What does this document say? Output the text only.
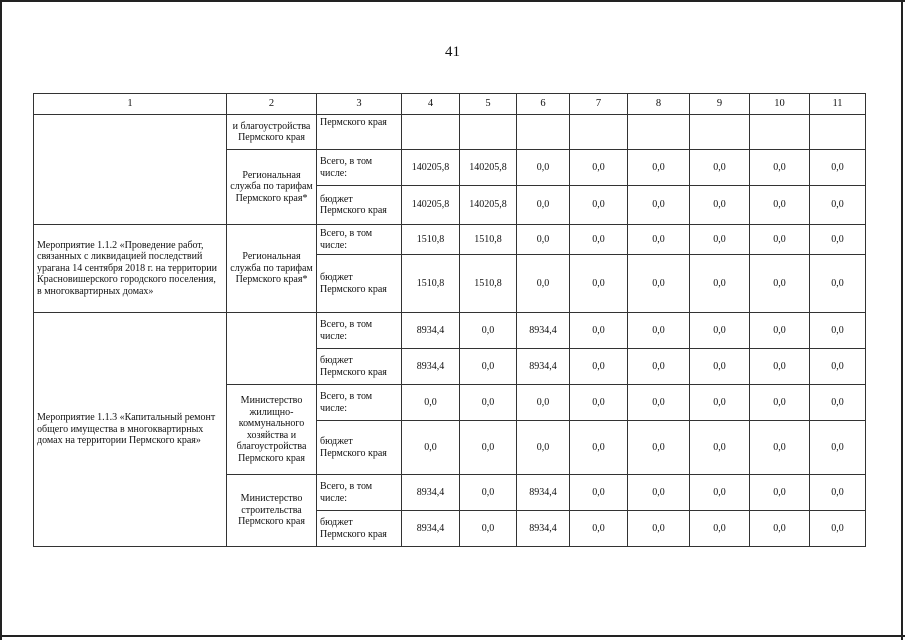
41
1	2	3	4	5	6	7	8	9	10	11
	и благоустройства Пермского края	Пермского края								
	Региональная служба по тарифам Пермского края*	Всего, в том числе:	140205,8	140205,8	0,0	0,0	0,0	0,0	0,0	0,0
		бюджет Пермского края	140205,8	140205,8	0,0	0,0	0,0	0,0	0,0	0,0
Мероприятие 1.1.2 «Проведение работ, связанных с ликвидацией последствий урагана 14 сентября 2018 г. на территории Красновишерского городского поселения, в многоквартирных домах»	Региональная служба по тарифам Пермского края*	Всего, в том числе:	1510,8	1510,8	0,0	0,0	0,0	0,0	0,0	0,0
		бюджет Пермского края	1510,8	1510,8	0,0	0,0	0,0	0,0	0,0	0,0
Мероприятие 1.1.3 «Капитальный ремонт общего имущества в многоквартирных домах на территории Пермского края»		Всего, в том числе:	8934,4	0,0	8934,4	0,0	0,0	0,0	0,0	0,0
		бюджет Пермского края	8934,4	0,0	8934,4	0,0	0,0	0,0	0,0	0,0
	Министерство жилищно-коммунального хозяйства и благоустройства Пермского края	Всего, в том числе:	0,0	0,0	0,0	0,0	0,0	0,0	0,0	0,0
		бюджет Пермского края	0,0	0,0	0,0	0,0	0,0	0,0	0,0	0,0
	Министерство строительства Пермского края	Всего, в том числе:	8934,4	0,0	8934,4	0,0	0,0	0,0	0,0	0,0
		бюджет Пермского края	8934,4	0,0	8934,4	0,0	0,0	0,0	0,0	0,0
